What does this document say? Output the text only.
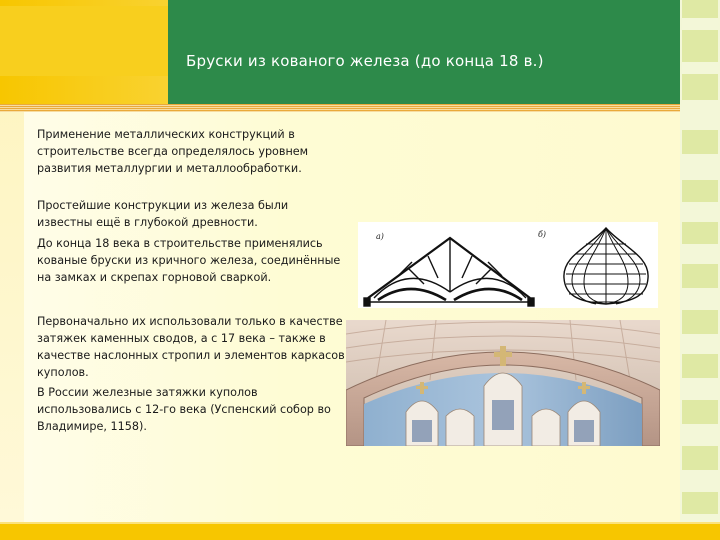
Бруски из кованого железа (до конца 18 в.)

Применение металлических конструкций в строительстве всегда определялось уровнем развития металлургии и металлообработки.

Простейшие конструкции из железа были известны ещё в глубокой древности.

До конца 18 века в строительстве применялись кованые бруски из кричного железа, соединённые на замках и скрепах горновой сваркой.

Первоначально их использовали только в качестве затяжек каменных сводов, а с 17 века – также в качестве наслонных стропил и элементов каркасов куполов.

В России железные затяжки куполов использовались с 12-го века (Успенский собор во Владимире, 1158).

a)	б)
